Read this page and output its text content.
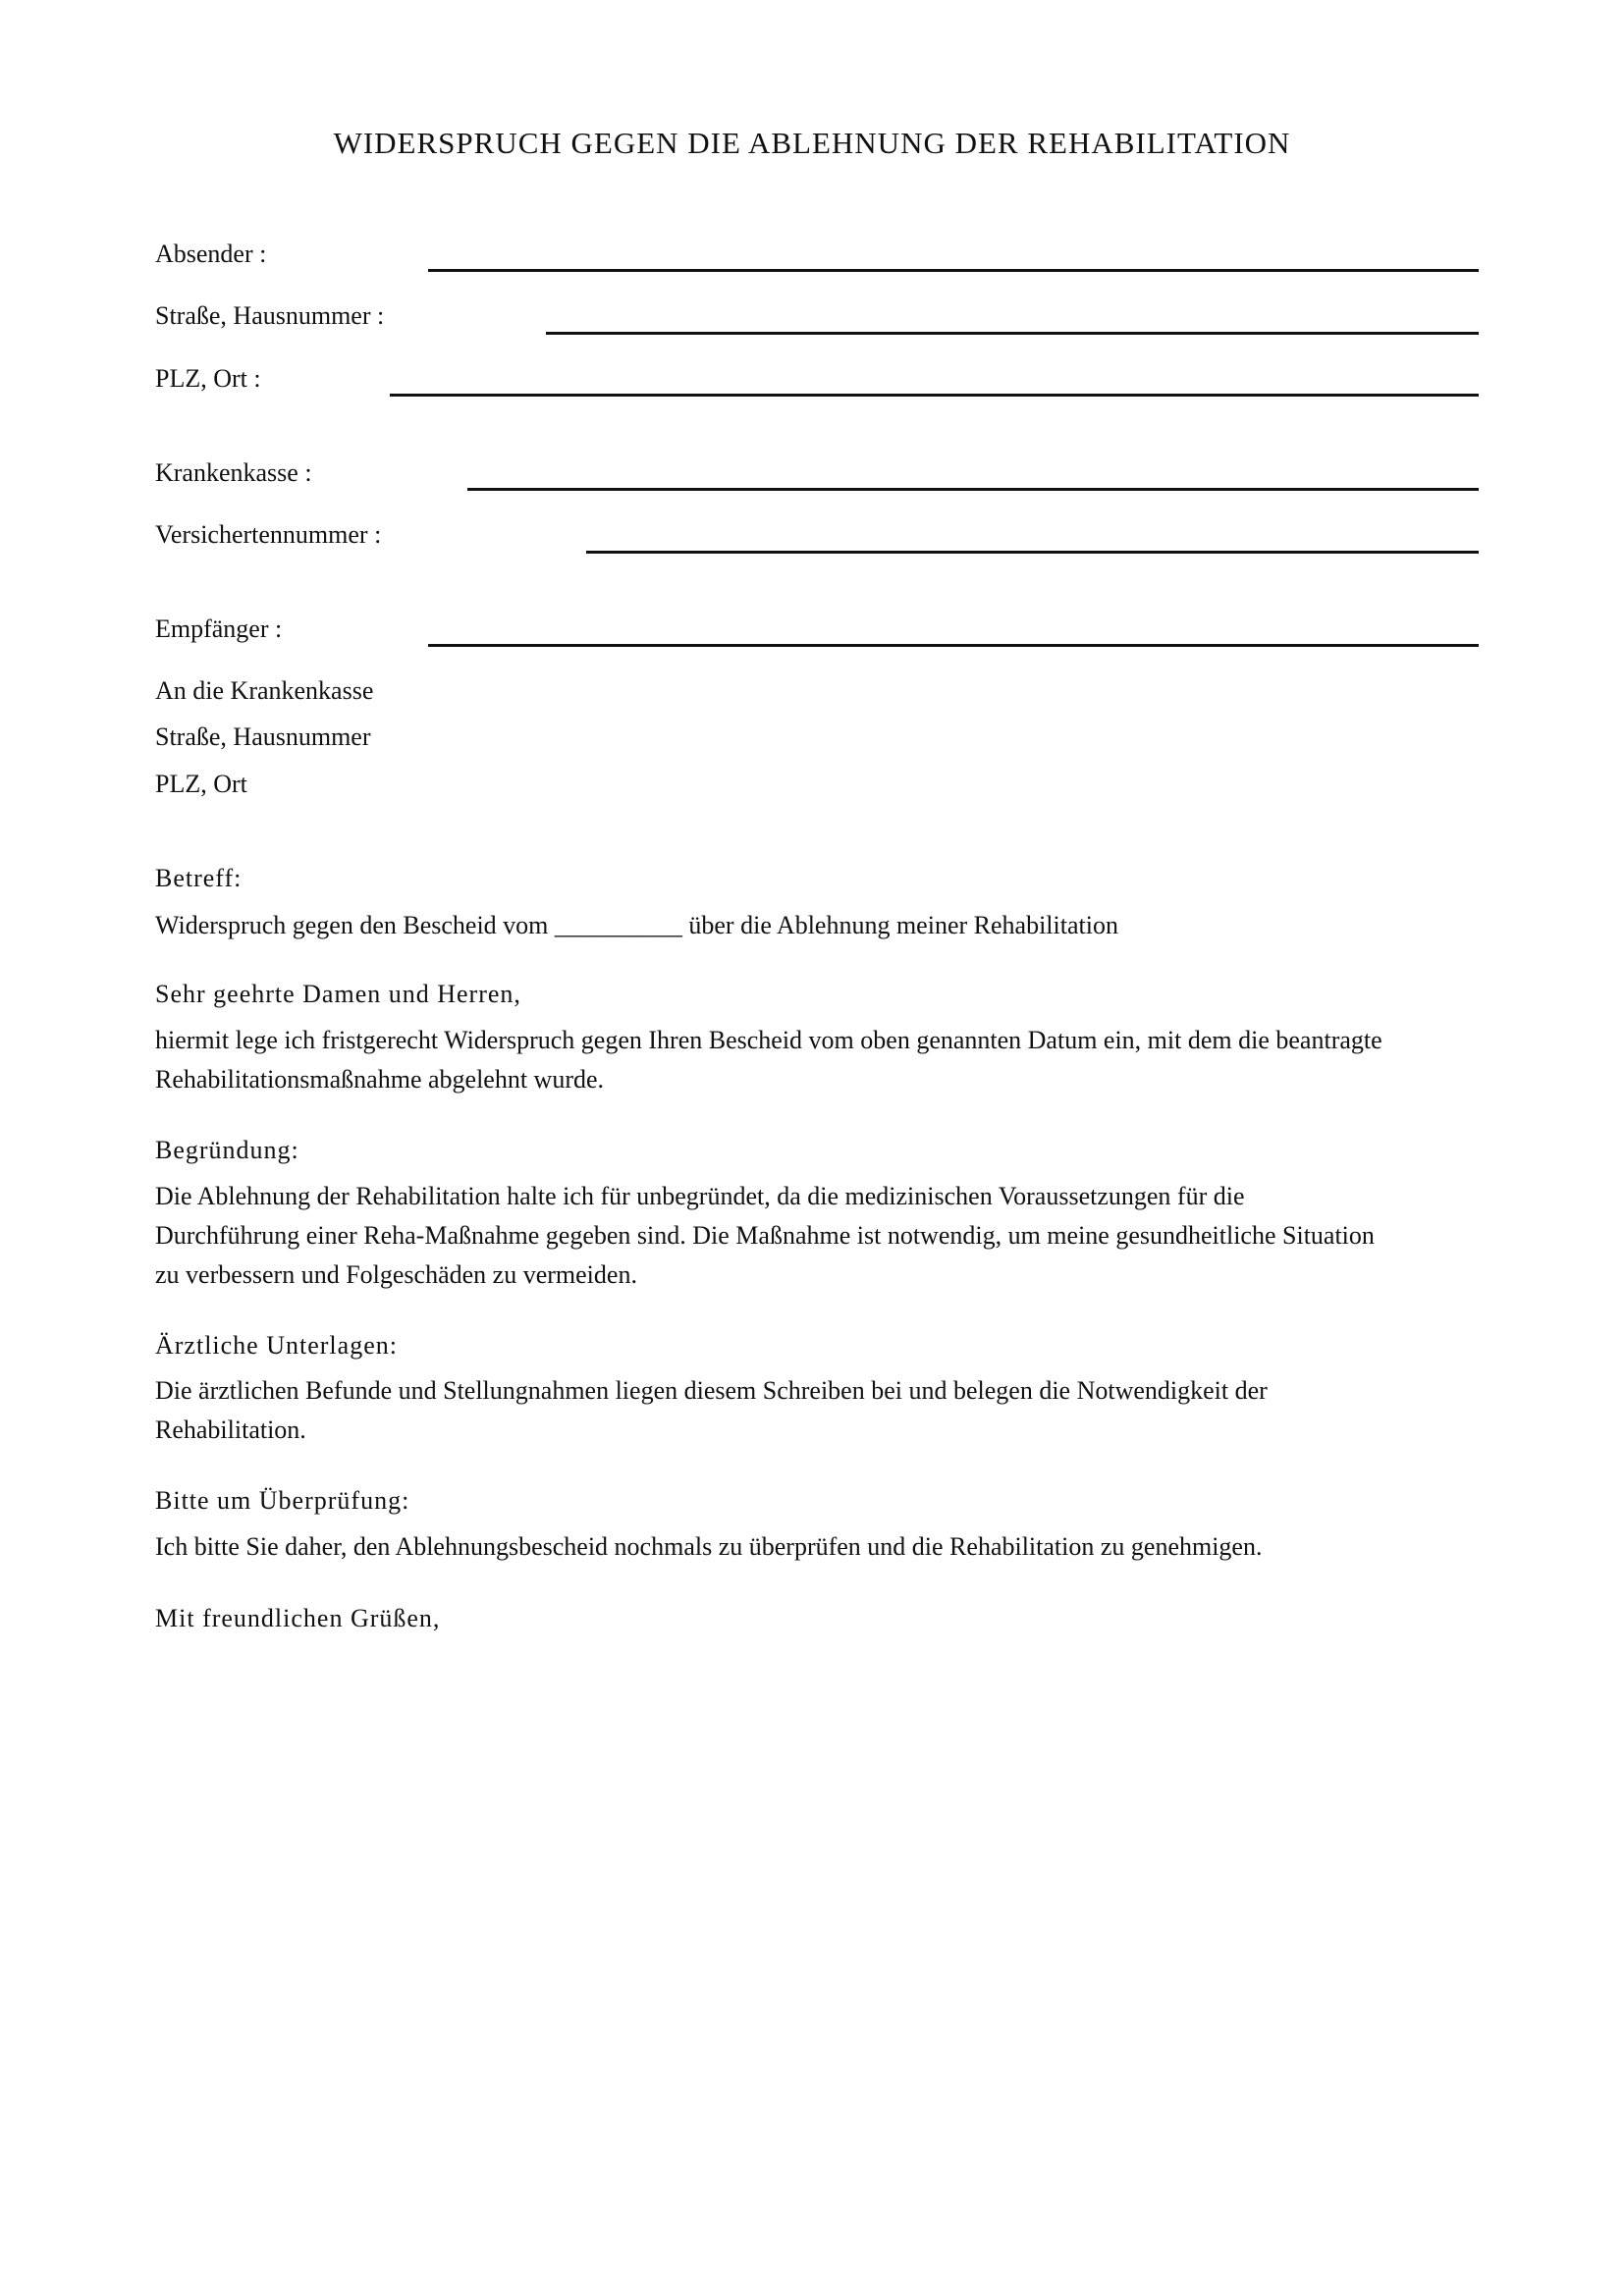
WIDERSPRUCH GEGEN DIE ABLEHNUNG DER REHABILITATION
Absender :
Straße, Hausnummer :
PLZ, Ort :
Krankenkasse :
Versichertennummer :
Empfänger :
An die Krankenkasse
Straße, Hausnummer
PLZ, Ort
Betreff:
Widerspruch gegen den Bescheid vom __________ über die Ablehnung meiner Rehabilitation
Sehr geehrte Damen und Herren,
hiermit lege ich fristgerecht Widerspruch gegen Ihren Bescheid vom oben genannten Datum ein, mit dem die beantragte
Rehabilitationsmaßnahme abgelehnt wurde.
Begründung:
Die Ablehnung der Rehabilitation halte ich für unbegründet, da die medizinischen Voraussetzungen für die
Durchführung einer Reha-Maßnahme gegeben sind. Die Maßnahme ist notwendig, um meine gesundheitliche Situation
zu verbessern und Folgeschäden zu vermeiden.
Ärztliche Unterlagen:
Die ärztlichen Befunde und Stellungnahmen liegen diesem Schreiben bei und belegen die Notwendigkeit der
Rehabilitation.
Bitte um Überprüfung:
Ich bitte Sie daher, den Ablehnungsbescheid nochmals zu überprüfen und die Rehabilitation zu genehmigen.
Mit freundlichen Grüßen,
